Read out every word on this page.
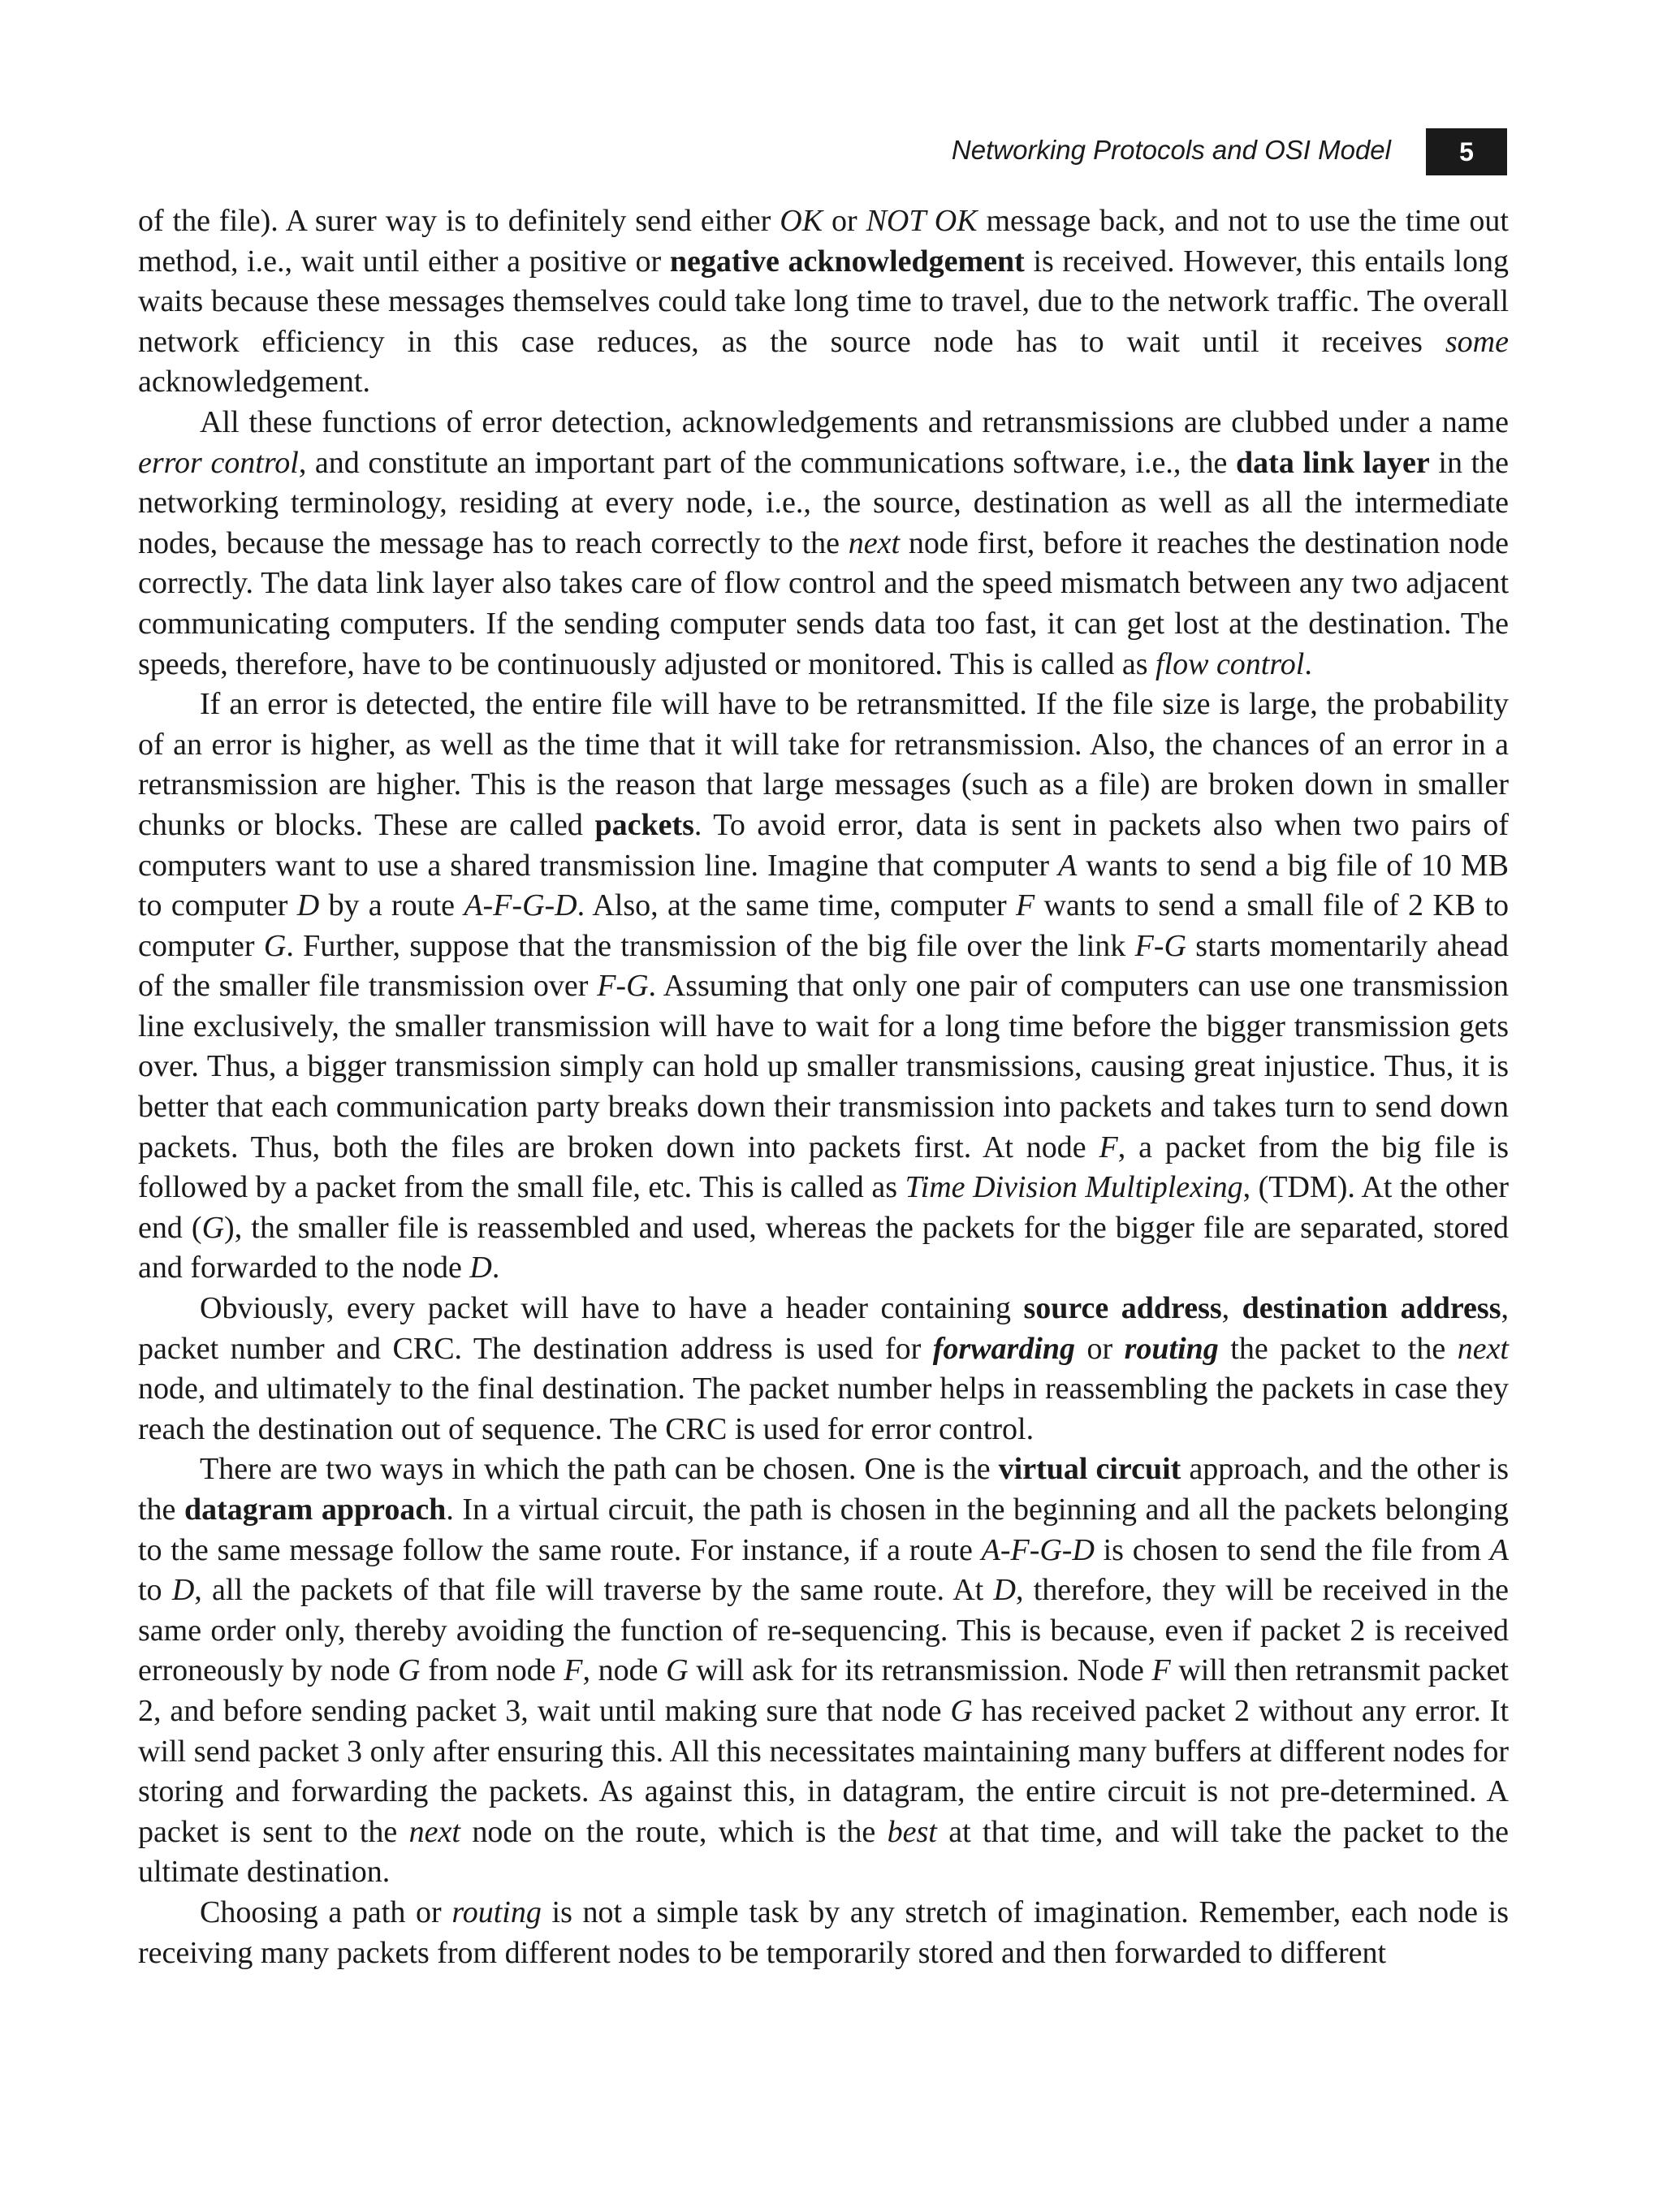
Networking Protocols and OSI Model	5

of the file). A surer way is to definitely send either OK or NOT OK message back, and not to use the time out method, i.e., wait until either a positive or negative acknowledgement is received. However, this entails long waits because these messages themselves could take long time to travel, due to the network traffic. The overall network efficiency in this case reduces, as the source node has to wait until it receives some acknowledgement.

All these functions of error detection, acknowledgements and retransmissions are clubbed under a name error control, and constitute an important part of the communications software, i.e., the data link layer in the networking terminology, residing at every node, i.e., the source, destination as well as all the intermediate nodes, because the message has to reach correctly to the next node first, before it reaches the destination node correctly. The data link layer also takes care of flow control and the speed mismatch between any two adjacent communicating computers. If the sending computer sends data too fast, it can get lost at the destination. The speeds, therefore, have to be continuously adjusted or monitored. This is called as flow control.

If an error is detected, the entire file will have to be retransmitted. If the file size is large, the probability of an error is higher, as well as the time that it will take for retransmission. Also, the chances of an error in a retransmission are higher. This is the reason that large messages (such as a file) are broken down in smaller chunks or blocks. These are called packets. To avoid error, data is sent in packets also when two pairs of computers want to use a shared transmission line. Imagine that computer A wants to send a big file of 10 MB to computer D by a route A-F-G-D. Also, at the same time, computer F wants to send a small file of 2 KB to computer G. Further, suppose that the transmission of the big file over the link F-G starts momentarily ahead of the smaller file transmission over F-G. Assuming that only one pair of computers can use one transmission line exclusively, the smaller transmission will have to wait for a long time before the bigger transmission gets over. Thus, a bigger transmission simply can hold up smaller transmissions, causing great injustice. Thus, it is better that each communication party breaks down their transmission into packets and takes turn to send down packets. Thus, both the files are broken down into packets first. At node F, a packet from the big file is followed by a packet from the small file, etc. This is called as Time Division Multiplexing, (TDM). At the other end (G), the smaller file is reassembled and used, whereas the packets for the bigger file are separated, stored and forwarded to the node D.

Obviously, every packet will have to have a header containing source address, destination address, packet number and CRC. The destination address is used for forwarding or routing the packet to the next node, and ultimately to the final destination. The packet number helps in reassembling the packets in case they reach the destination out of sequence. The CRC is used for error control.

There are two ways in which the path can be chosen. One is the virtual circuit approach, and the other is the datagram approach. In a virtual circuit, the path is chosen in the beginning and all the packets belonging to the same message follow the same route. For instance, if a route A-F-G-D is chosen to send the file from A to D, all the packets of that file will traverse by the same route. At D, therefore, they will be received in the same order only, thereby avoiding the function of re-sequencing. This is because, even if packet 2 is received erroneously by node G from node F, node G will ask for its retransmission. Node F will then retransmit packet 2, and before sending packet 3, wait until making sure that node G has received packet 2 without any error. It will send packet 3 only after ensuring this. All this necessitates maintaining many buffers at different nodes for storing and forwarding the packets. As against this, in datagram, the entire circuit is not pre-determined. A packet is sent to the next node on the route, which is the best at that time, and will take the packet to the ultimate destination.

Choosing a path or routing is not a simple task by any stretch of imagination. Remember, each node is receiving many packets from different nodes to be temporarily stored and then forwarded to different
